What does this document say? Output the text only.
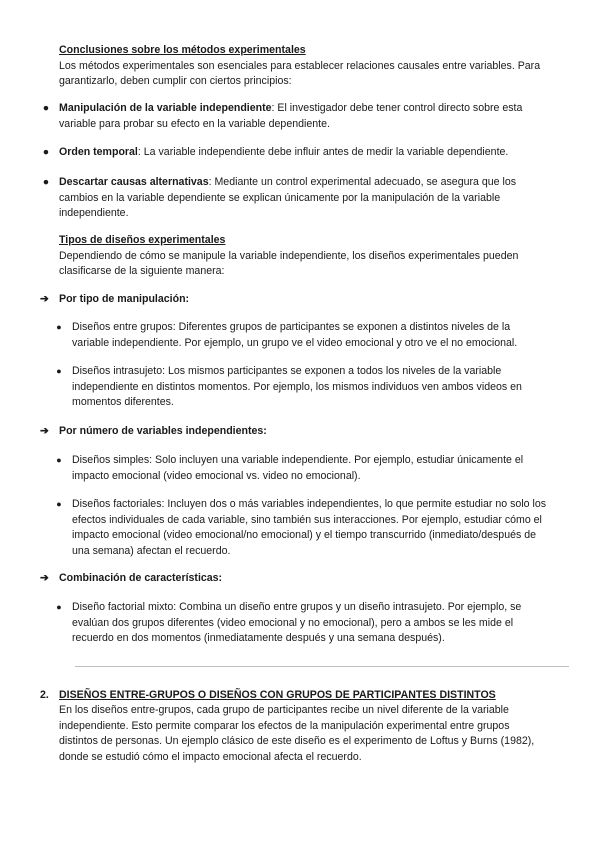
Conclusiones sobre los métodos experimentales
Los métodos experimentales son esenciales para establecer relaciones causales entre variables. Para garantizarlo, deben cumplir con ciertos principios:
● Manipulación de la variable independiente: El investigador debe tener control directo sobre esta variable para probar su efecto en la variable dependiente.
● Orden temporal: La variable independiente debe influir antes de medir la variable dependiente.
● Descartar causas alternativas: Mediante un control experimental adecuado, se asegura que los cambios en la variable dependiente se explican únicamente por la manipulación de la variable independiente.
Tipos de diseños experimentales
Dependiendo de cómo se manipule la variable independiente, los diseños experimentales pueden clasificarse de la siguiente manera:
➔ Por tipo de manipulación:
● Diseños entre grupos: Diferentes grupos de participantes se exponen a distintos niveles de la variable independiente. Por ejemplo, un grupo ve el video emocional y otro ve el no emocional.
● Diseños intrasujeto: Los mismos participantes se exponen a todos los niveles de la variable independiente en distintos momentos. Por ejemplo, los mismos individuos ven ambos videos en momentos diferentes.
➔ Por número de variables independientes:
● Diseños simples: Solo incluyen una variable independiente. Por ejemplo, estudiar únicamente el impacto emocional (video emocional vs. video no emocional).
● Diseños factoriales: Incluyen dos o más variables independientes, lo que permite estudiar no solo los efectos individuales de cada variable, sino también sus interacciones. Por ejemplo, estudiar cómo el impacto emocional (video emocional/no emocional) y el tiempo transcurrido (inmediato/después de una semana) afectan el recuerdo.
➔ Combinación de características:
● Diseño factorial mixto: Combina un diseño entre grupos y un diseño intrasujeto. Por ejemplo, se evalúan dos grupos diferentes (video emocional y no emocional), pero a ambos se les mide el recuerdo en dos momentos (inmediatamente después y una semana después).
2. DISEÑOS ENTRE-GRUPOS O DISEÑOS CON GRUPOS DE PARTICIPANTES DISTINTOS
En los diseños entre-grupos, cada grupo de participantes recibe un nivel diferente de la variable independiente. Esto permite comparar los efectos de la manipulación experimental entre grupos distintos de personas. Un ejemplo clásico de este diseño es el experimento de Loftus y Burns (1982), donde se estudió cómo el impacto emocional afecta el recuerdo.
